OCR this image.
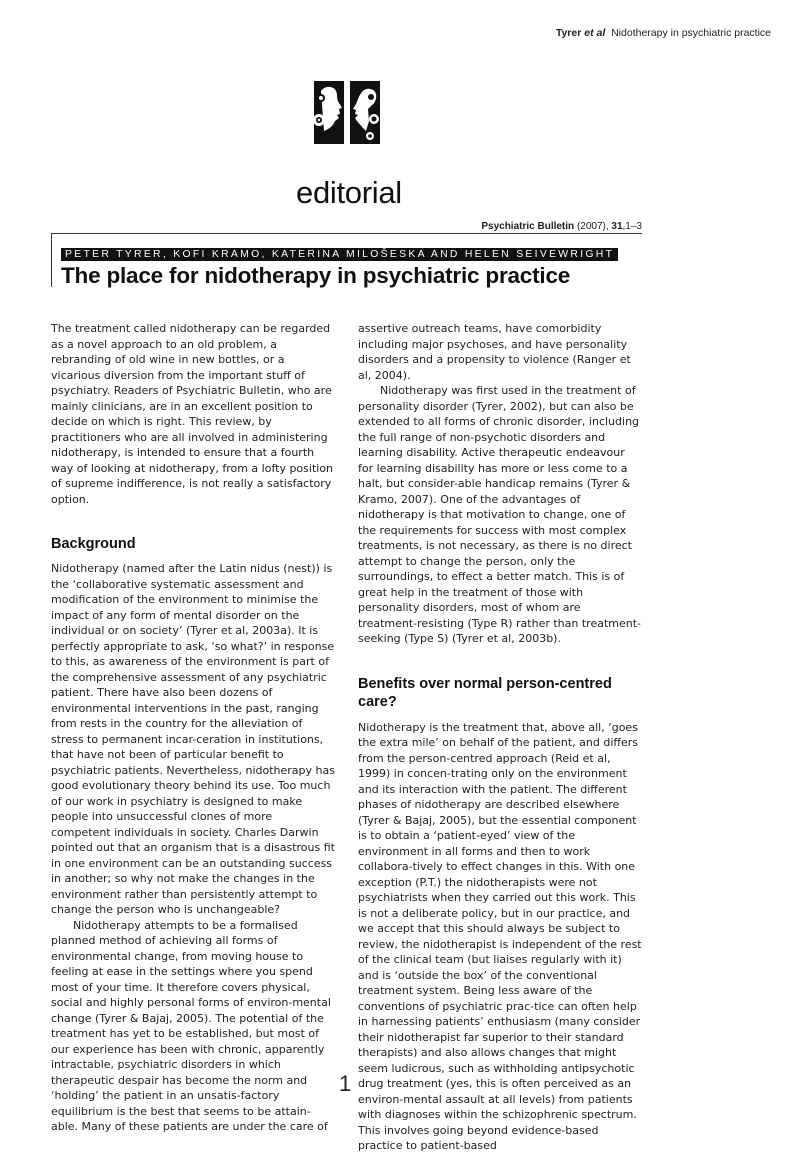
Tyrer et al Nidotherapy in psychiatric practice
editorial
Psychiatric Bulletin (2007), 31,1–3
PETER TYRER, KOFI KRAMO, KATERINA MILOŠESKA AND HELEN SEIVEWRIGHT
The place for nidotherapy in psychiatric practice

The treatment called nidotherapy can be regarded as a novel approach to an old problem, a rebranding of old wine in new bottles, or a vicarious diversion from the important stuff of psychiatry. Readers of Psychiatric Bulletin, who are mainly clinicians, are in an excellent position to decide on which is right. This review, by practitioners who are all involved in administering nidotherapy, is intended to ensure that a fourth way of looking at nidotherapy, from a lofty position of supreme indifference, is not really a satisfactory option.

Background

Nidotherapy (named after the Latin nidus (nest)) is the ‘collaborative systematic assessment and modification of the environment to minimise the impact of any form of mental disorder on the individual or on society’ (Tyrer et al, 2003a). It is perfectly appropriate to ask, ‘so what?’ in response to this, as awareness of the environment is part of the comprehensive assessment of any psychiatric patient. There have also been dozens of environmental interventions in the past, ranging from rests in the country for the alleviation of stress to permanent incar-ceration in institutions, that have not been of particular benefit to psychiatric patients. Nevertheless, nidotherapy has good evolutionary theory behind its use. Too much of our work in psychiatry is designed to make people into unsuccessful clones of more competent individuals in society. Charles Darwin pointed out that an organism that is a disastrous fit in one environment can be an outstanding success in another; so why not make the changes in the environment rather than persistently attempt to change the person who is unchangeable?

Nidotherapy attempts to be a formalised planned method of achieving all forms of environmental change, from moving house to feeling at ease in the settings where you spend most of your time. It therefore covers physical, social and highly personal forms of environ-mental change (Tyrer & Bajaj, 2005). The potential of the treatment has yet to be established, but most of our experience has been with chronic, apparently intractable, psychiatric disorders in which therapeutic despair has become the norm and ‘holding’ the patient in an unsatis-factory equilibrium is the best that seems to be attain-able. Many of these patients are under the care of

assertive outreach teams, have comorbidity including major psychoses, and have personality disorders and a propensity to violence (Ranger et al, 2004).

Nidotherapy was first used in the treatment of personality disorder (Tyrer, 2002), but can also be extended to all forms of chronic disorder, including the full range of non-psychotic disorders and learning disability. Active therapeutic endeavour for learning disability has more or less come to a halt, but consider-able handicap remains (Tyrer & Kramo, 2007). One of the advantages of nidotherapy is that motivation to change, one of the requirements for success with most complex treatments, is not necessary, as there is no direct attempt to change the person, only the surroundings, to effect a better match. This is of great help in the treatment of those with personality disorders, most of whom are treatment-resisting (Type R) rather than treatment-seeking (Type S) (Tyrer et al, 2003b).

Benefits over normal person-centred care?

Nidotherapy is the treatment that, above all, ‘goes the extra mile’ on behalf of the patient, and differs from the person-centred approach (Reid et al, 1999) in concen-trating only on the environment and its interaction with the patient. The different phases of nidotherapy are described elsewhere (Tyrer & Bajaj, 2005), but the essential component is to obtain a ‘patient-eyed’ view of the environment in all forms and then to work collabora-tively to effect changes in this. With one exception (P.T.) the nidotherapists were not psychiatrists when they carried out this work. This is not a deliberate policy, but in our practice, and we accept that this should always be subject to review, the nidotherapist is independent of the rest of the clinical team (but liaises regularly with it) and is ‘outside the box’ of the conventional treatment system. Being less aware of the conventions of psychiatric prac-tice can often help in harnessing patients’ enthusiasm (many consider their nidotherapist far superior to their standard therapists) and also allows changes that might seem ludicrous, such as withholding antipsychotic drug treatment (yes, this is often perceived as an environ-mental assault at all levels) from patients with diagnoses within the schizophrenic spectrum. This involves going beyond evidence-based practice to patient-based

1
